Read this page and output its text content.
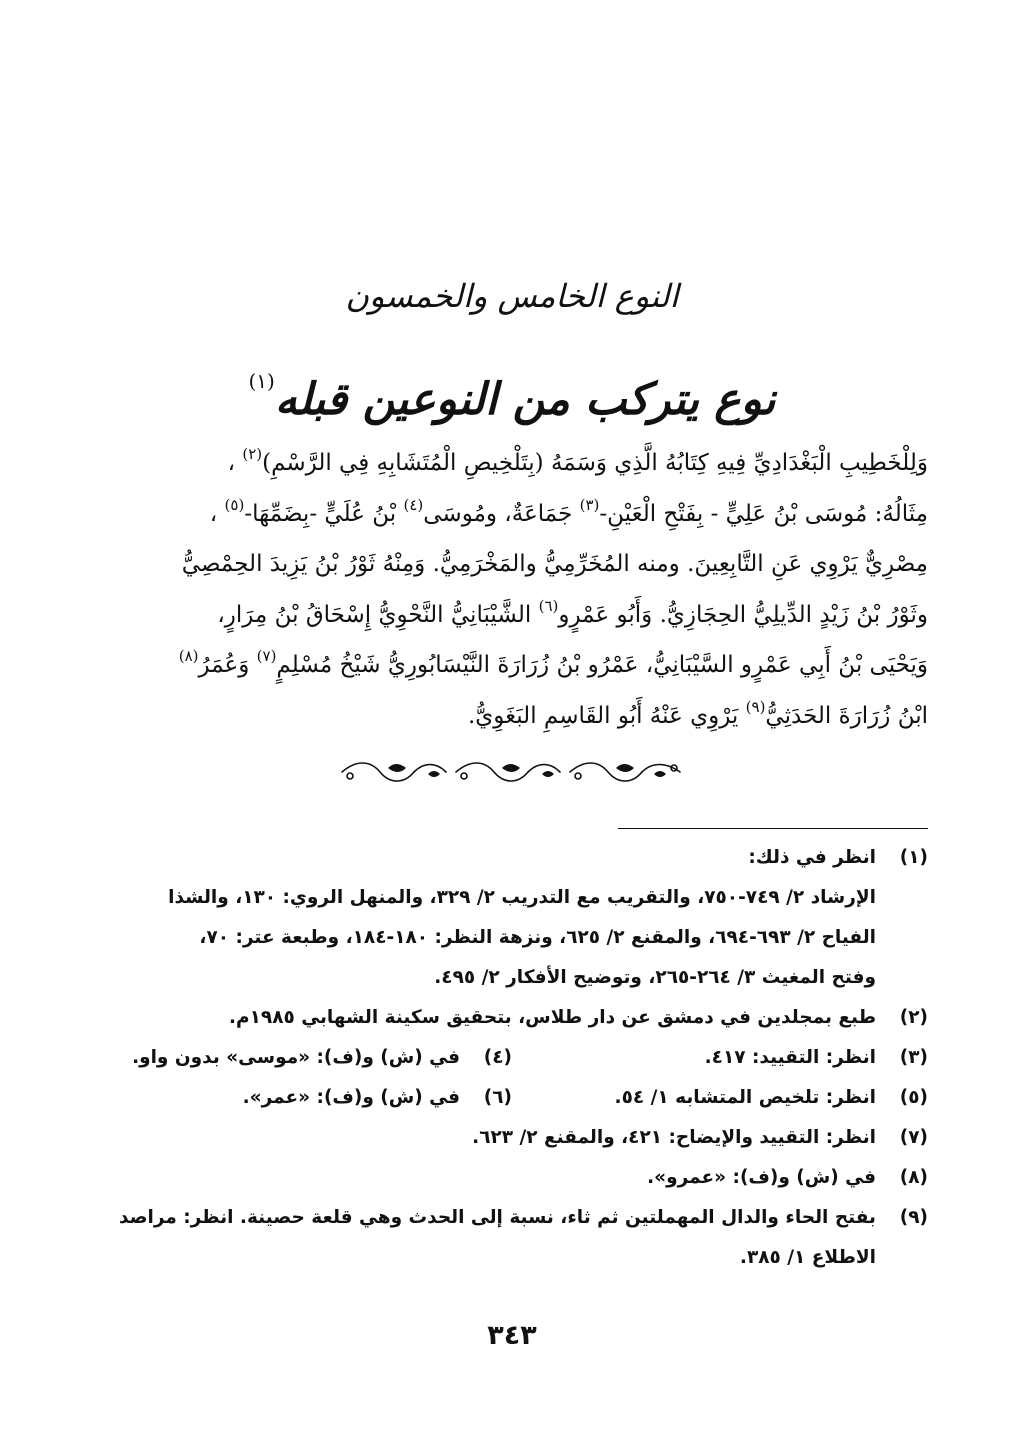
النوع الخامس والخمسون
نوع يتركب من النوعين قبله$^{(١)}$
وَلِلْخَطِيبِ الْبَغْدَادِيِّ فِيهِ كِتَابُهُ الَّذِي وَسَمَهُ (بِتَلْخِيصِ الْمُتَشَابِهِ فِي الرَّسْمِ)$^{(٢)}$ ،
مِثَالُهُ: مُوسَى بْنُ عَلِيٍّ - بِفَتْحِ الْعَيْنِ-$^{(٣)}$ جَمَاعَةٌ، ومُوسَى$^{(٤)}$ بْنُ عُلَيٍّ -بِضَمِّهَا-$^{(٥)}$ ،
مِصْرِيٌّ يَرْوِي عَنِ التَّابِعِينَ. ومنه المُخَرِّمِيُّ والمَخْرَمِيُّ. وَمِنْهُ ثَوْرُ بْنُ يَزِيدَ الحِمْصِيُّ
وثَوْرُ بْنُ زَيْدٍ الدِّيلِيُّ الحِجَازِيُّ. وَأَبُو عَمْرٍو$^{(٦)}$ الشَّيْبَانِيُّ النَّحْوِيُّ إِسْحَاقُ بْنُ مِرَارٍ،
وَيَحْيَى بْنُ أَبِي عَمْرٍو السَّيْبَانِيُّ، عَمْرُو بْنُ زُرَارَةَ النَّيْسَابُورِيُّ شَيْخُ مُسْلِمٍ$^{(٧)}$ وَعُمَرُ$^{(٨)}$
ابْنُ زُرَارَةَ الحَدَثِيُّ$^{(٩)}$ يَرْوِي عَنْهُ أَبُو القَاسِمِ البَغَوِيُّ.
(١)انظر في ذلك:
الإرشاد ٢/ ٧٤٩-٧٥٠، والتقريب مع التدريب ٢/ ٣٢٩، والمنهل الروي: ١٣٠، والشذا
الفياح ٢/ ٦٩٣-٦٩٤، والمقنع ٢/ ٦٢٥، ونزهة النظر: ١٨٠-١٨٤، وطبعة عتر: ٧٠،
وفتح المغيث ٣/ ٢٦٤-٢٦٥، وتوضيح الأفكار ٢/ ٤٩٥.
(٢)طبع بمجلدين في دمشق عن دار طلاس، بتحقيق سكينة الشهابي ١٩٨٥م.
(٣)انظر: التقييد: ٤١٧.
(٤)في (ش) و(ف): «موسى» بدون واو.
(٥)انظر: تلخيص المتشابه ١/ ٥٤.
(٦)في (ش) و(ف): «عمر».
(٧)انظر: التقييد والإيضاح: ٤٢١، والمقنع ٢/ ٦٢٣.
(٨)في (ش) و(ف): «عمرو».
(٩)بفتح الحاء والدال المهملتين ثم ثاء، نسبة إلى الحدث وهي قلعة حصينة. انظر: مراصد
الاطلاع ١/ ٣٨٥.
٣٤٣
